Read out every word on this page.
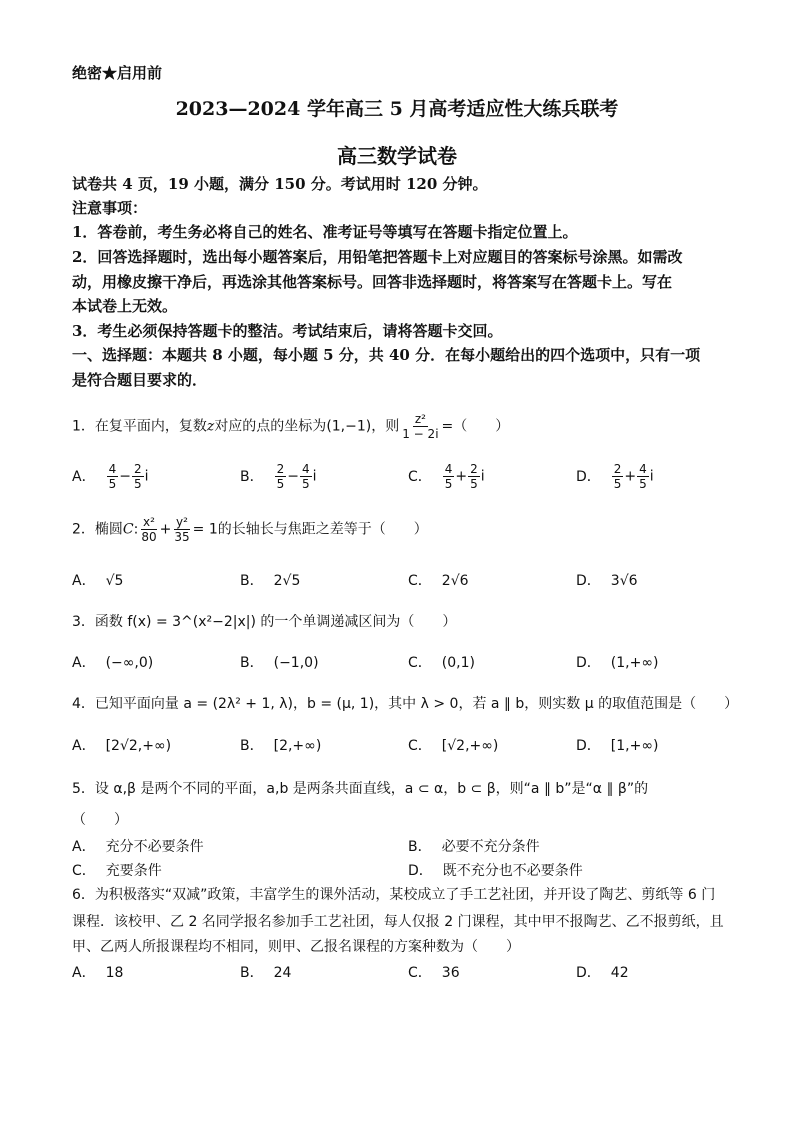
绝密★启用前
2023—2024 学年高三 5 月高考适应性大练兵联考
高三数学试卷
试卷共 4 页，19 小题，满分 150 分。考试用时 120 分钟。
注意事项：
1．答卷前，考生务必将自己的姓名、准考证号等填写在答题卡指定位置上。
2．回答选择题时，选出每小题答案后，用铅笔把答题卡上对应题目的答案标号涂黑。如需改
动，用橡皮擦干净后，再选涂其他答案标号。回答非选择题时，将答案写在答题卡上。写在
本试卷上无效。
3．考生必须保持答题卡的整洁。考试结束后，请将答题卡交回。
一、选择题：本题共 8 小题，每小题 5 分，共 40 分．在每小题给出的四个选项中，只有一项
是符合题目要求的．
1．在复平面内，复数z对应的点的坐标为(1,−1)，则 $\frac{\text{z²}}{1 - 2i}$ =（　　）
A． $\frac{4}{5} - \frac{2}{5}$ i	B． $\frac{2}{5} - \frac{4}{5}$ i	C． $\frac{4}{5} + \frac{2}{5}$ i	D． $\frac{2}{5} + \frac{4}{5}$ i
2．椭圆C: $\frac{\text{x²}}{80} + \frac{\text{y²}}{35} = 1$的长轴长与焦距之差等于（　　）
A． √5	B． 2√5	C． 2√6	D． 3√6
3．函数 f(x) = 3^(x²−2|x|) 的一个单调递减区间为（　　）
A． (−∞,0)	B． (−1,0)	C． (0,1)	D． (1,+∞)
4．已知平面向量 a = (2λ² + 1, λ)，b = (μ, 1)，其中 λ > 0，若 a ∥ b，则实数 μ 的取值范围是（　　）
A． [2√2,+∞)	B． [2,+∞)	C． [√2,+∞)	D． [1,+∞)
5．设 α,β 是两个不同的平面，a,b 是两条共面直线，a ⊂ α，b ⊂ β，则“a ∥ b”是“α ∥ β”的
（　　）
A． 充分不必要条件	B． 必要不充分条件
C． 充要条件	D． 既不充分也不必要条件
6．为积极落实“双减”政策，丰富学生的课外活动，某校成立了手工艺社团，并开设了陶艺、剪纸等 6 门
课程．该校甲、乙 2 名同学报名参加手工艺社团，每人仅报 2 门课程，其中甲不报陶艺、乙不报剪纸，且
甲、乙两人所报课程均不相同，则甲、乙报名课程的方案种数为（　　）
A． 18	B． 24	C． 36	D． 42
